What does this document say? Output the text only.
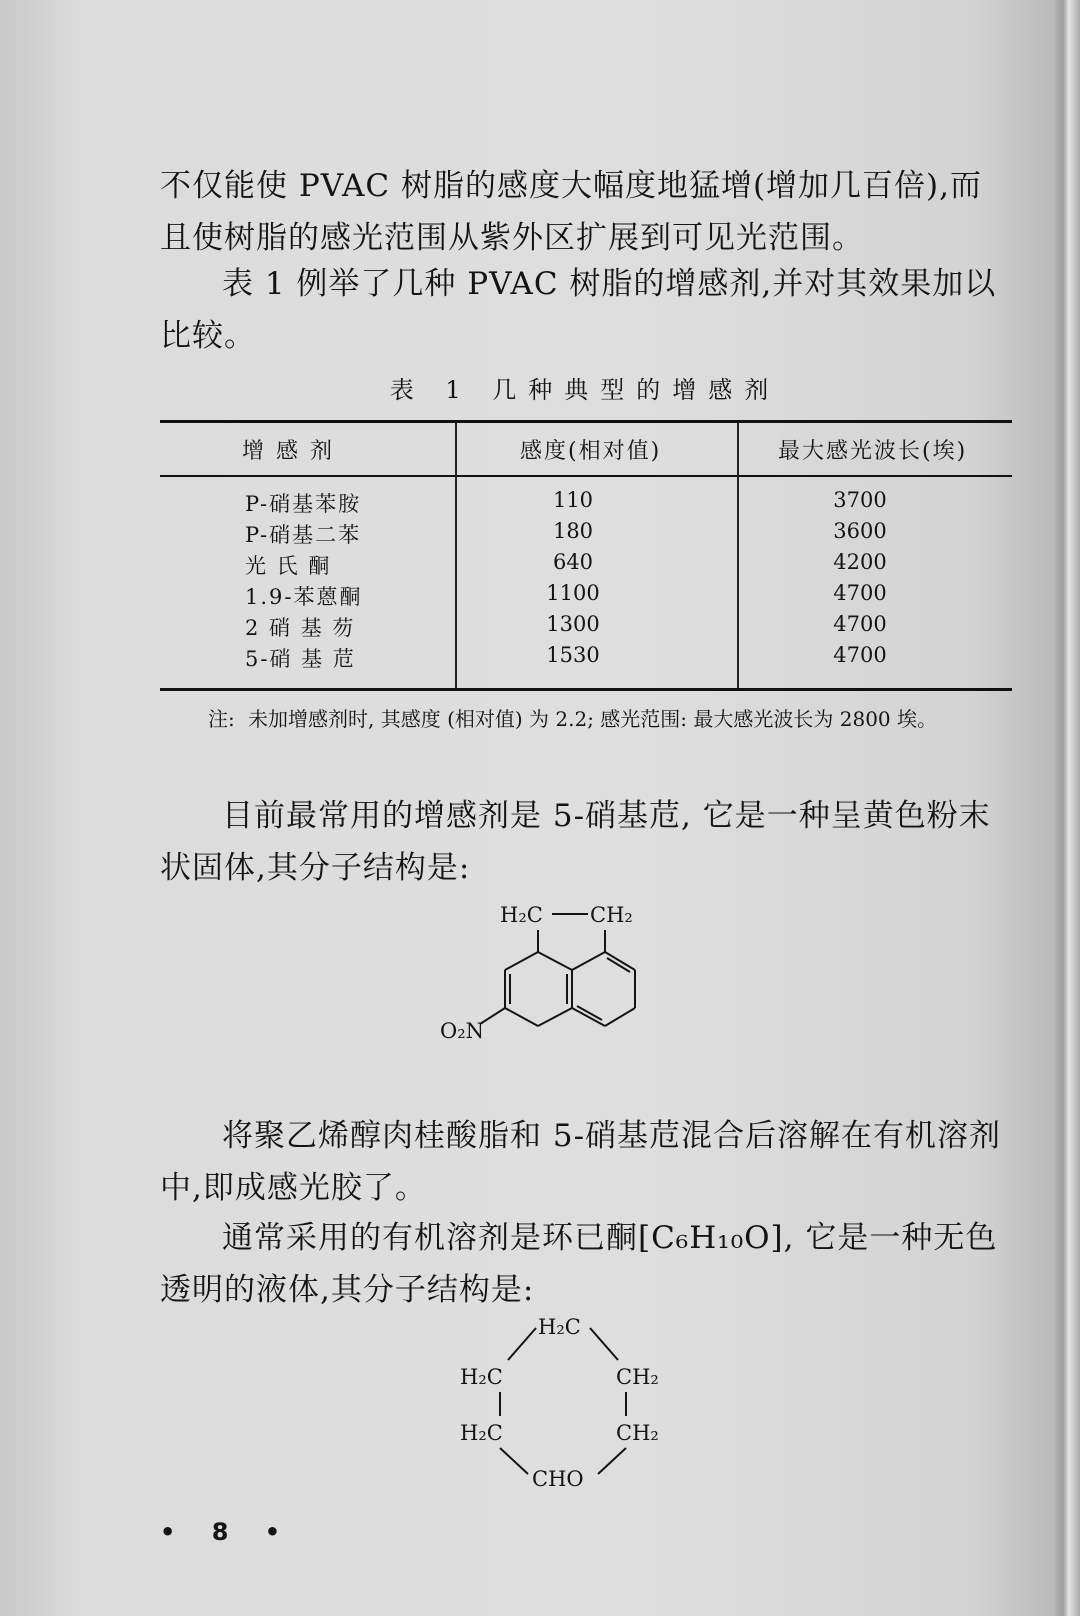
不仅能使 PVAC 树脂的感度大幅度地猛增(增加几百倍),而且使树脂的感光范围从紫外区扩展到可见光范围。

表 1 例举了几种 PVAC 树脂的增感剂,并对其效果加以比较。

表 1 几种典型的增感剂
增感剂	感度(相对值)	最大感光波长(埃)
P-硝基苯胺	110	3700
P-硝基二苯	180	3600
光 氏 酮	640	4200
1.9-苯蒽酮	1100	4700
2 硝 基 芴	1300	4700
5-硝 基 苊	1530	4700
注: 未加增感剂时, 其感度 (相对值) 为 2.2; 感光范围: 最大感光波长为 2800 埃。

目前最常用的增感剂是 5-硝基苊, 它是一种呈黄色粉末状固体,其分子结构是:

H₂C CH₂
O₂N

将聚乙烯醇肉桂酸脂和 5-硝基苊混合后溶解在有机溶剂中,即成感光胶了。

通常采用的有机溶剂是环已酮[C₆H₁₀O], 它是一种无色透明的液体,其分子结构是:

H₂C
H₂C	CH₂
H₂C	CH₂
CHO
• 8 •
